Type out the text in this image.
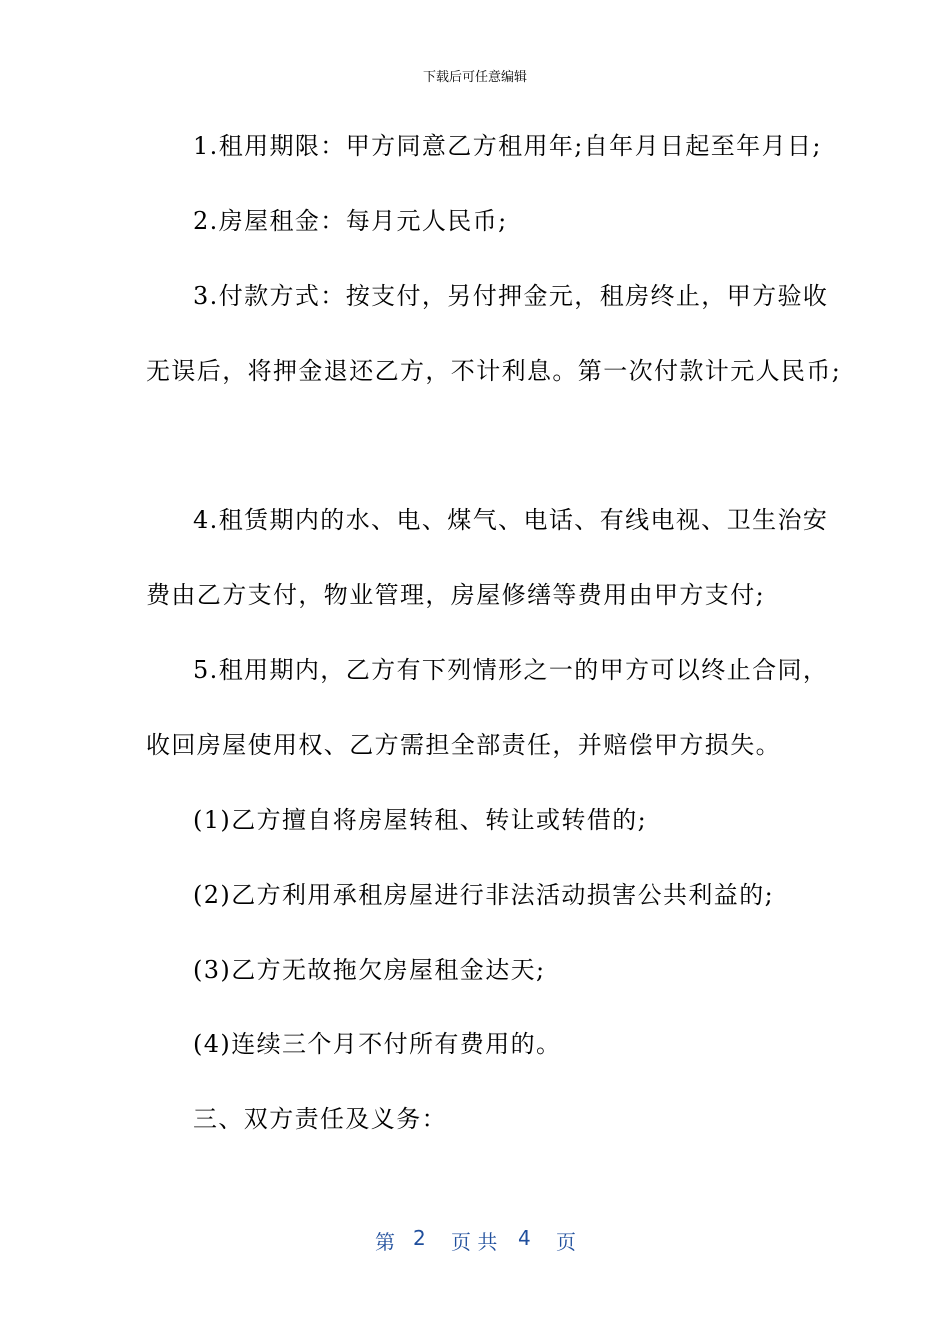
下载后可任意编辑
1.租用期限：甲方同意乙方租用年;自年月日起至年月日;
2.房屋租金：每月元人民币;
3.付款方式：按支付，另付押金元，租房终止，甲方验收
无误后，将押金退还乙方，不计利息。第一次付款计元人民币;
4.租赁期内的水、电、煤气、电话、有线电视、卫生治安
费由乙方支付，物业管理，房屋修缮等费用由甲方支付;
5.租用期内，乙方有下列情形之一的甲方可以终止合同，
收回房屋使用权、乙方需担全部责任，并赔偿甲方损失。
(1)乙方擅自将房屋转租、转让或转借的;
(2)乙方利用承租房屋进行非法活动损害公共利益的;
(3)乙方无故拖欠房屋租金达天;
(4)连续三个月不付所有费用的。
三、双方责任及义务：
第 2 页 共 4 页
